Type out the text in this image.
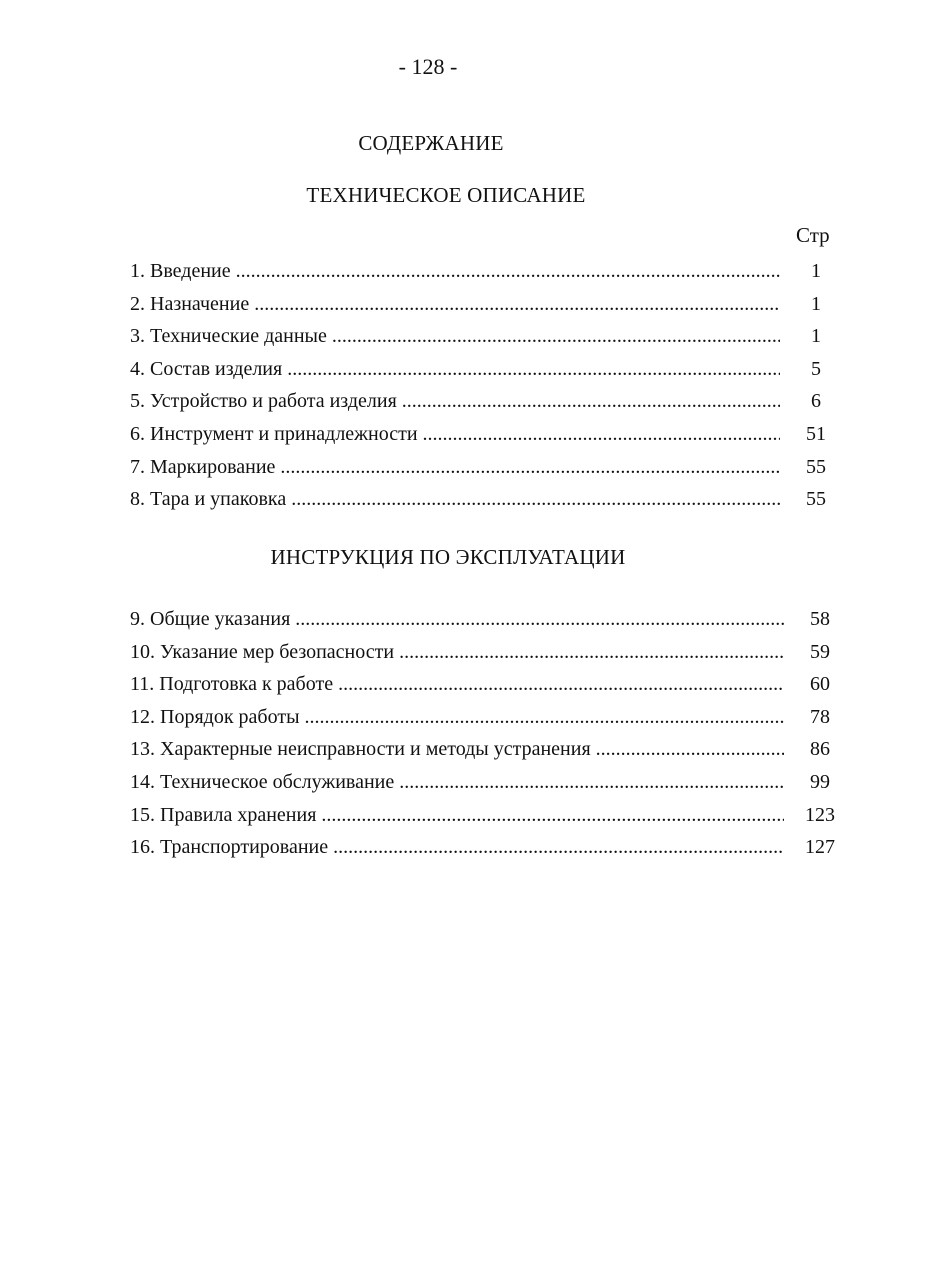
- 128 -
СОДЕРЖАНИЕ
ТЕХНИЧЕСКОЕ ОПИСАНИЕ
Стр
1. Введение .....	1
2. Назначение .....	1
3. Технические данные .....	1
4. Состав изделия .....	5
5. Устройство и работа изделия .....	6
6. Инструмент и принадлежности .....	51
7. Маркирование .....	55
8. Тара и упаковка .....	55
ИНСТРУКЦИЯ ПО ЭКСПЛУАТАЦИИ
9. Общие указания .....	58
10. Указание мер безопасности .....	59
11. Подготовка к работе .....	60
12. Порядок работы .....	78
13. Характерные неисправности и методы устранения .....	86
14. Техническое обслуживание .....	99
15. Правила хранения .....	123
16. Транспортирование .....	127
